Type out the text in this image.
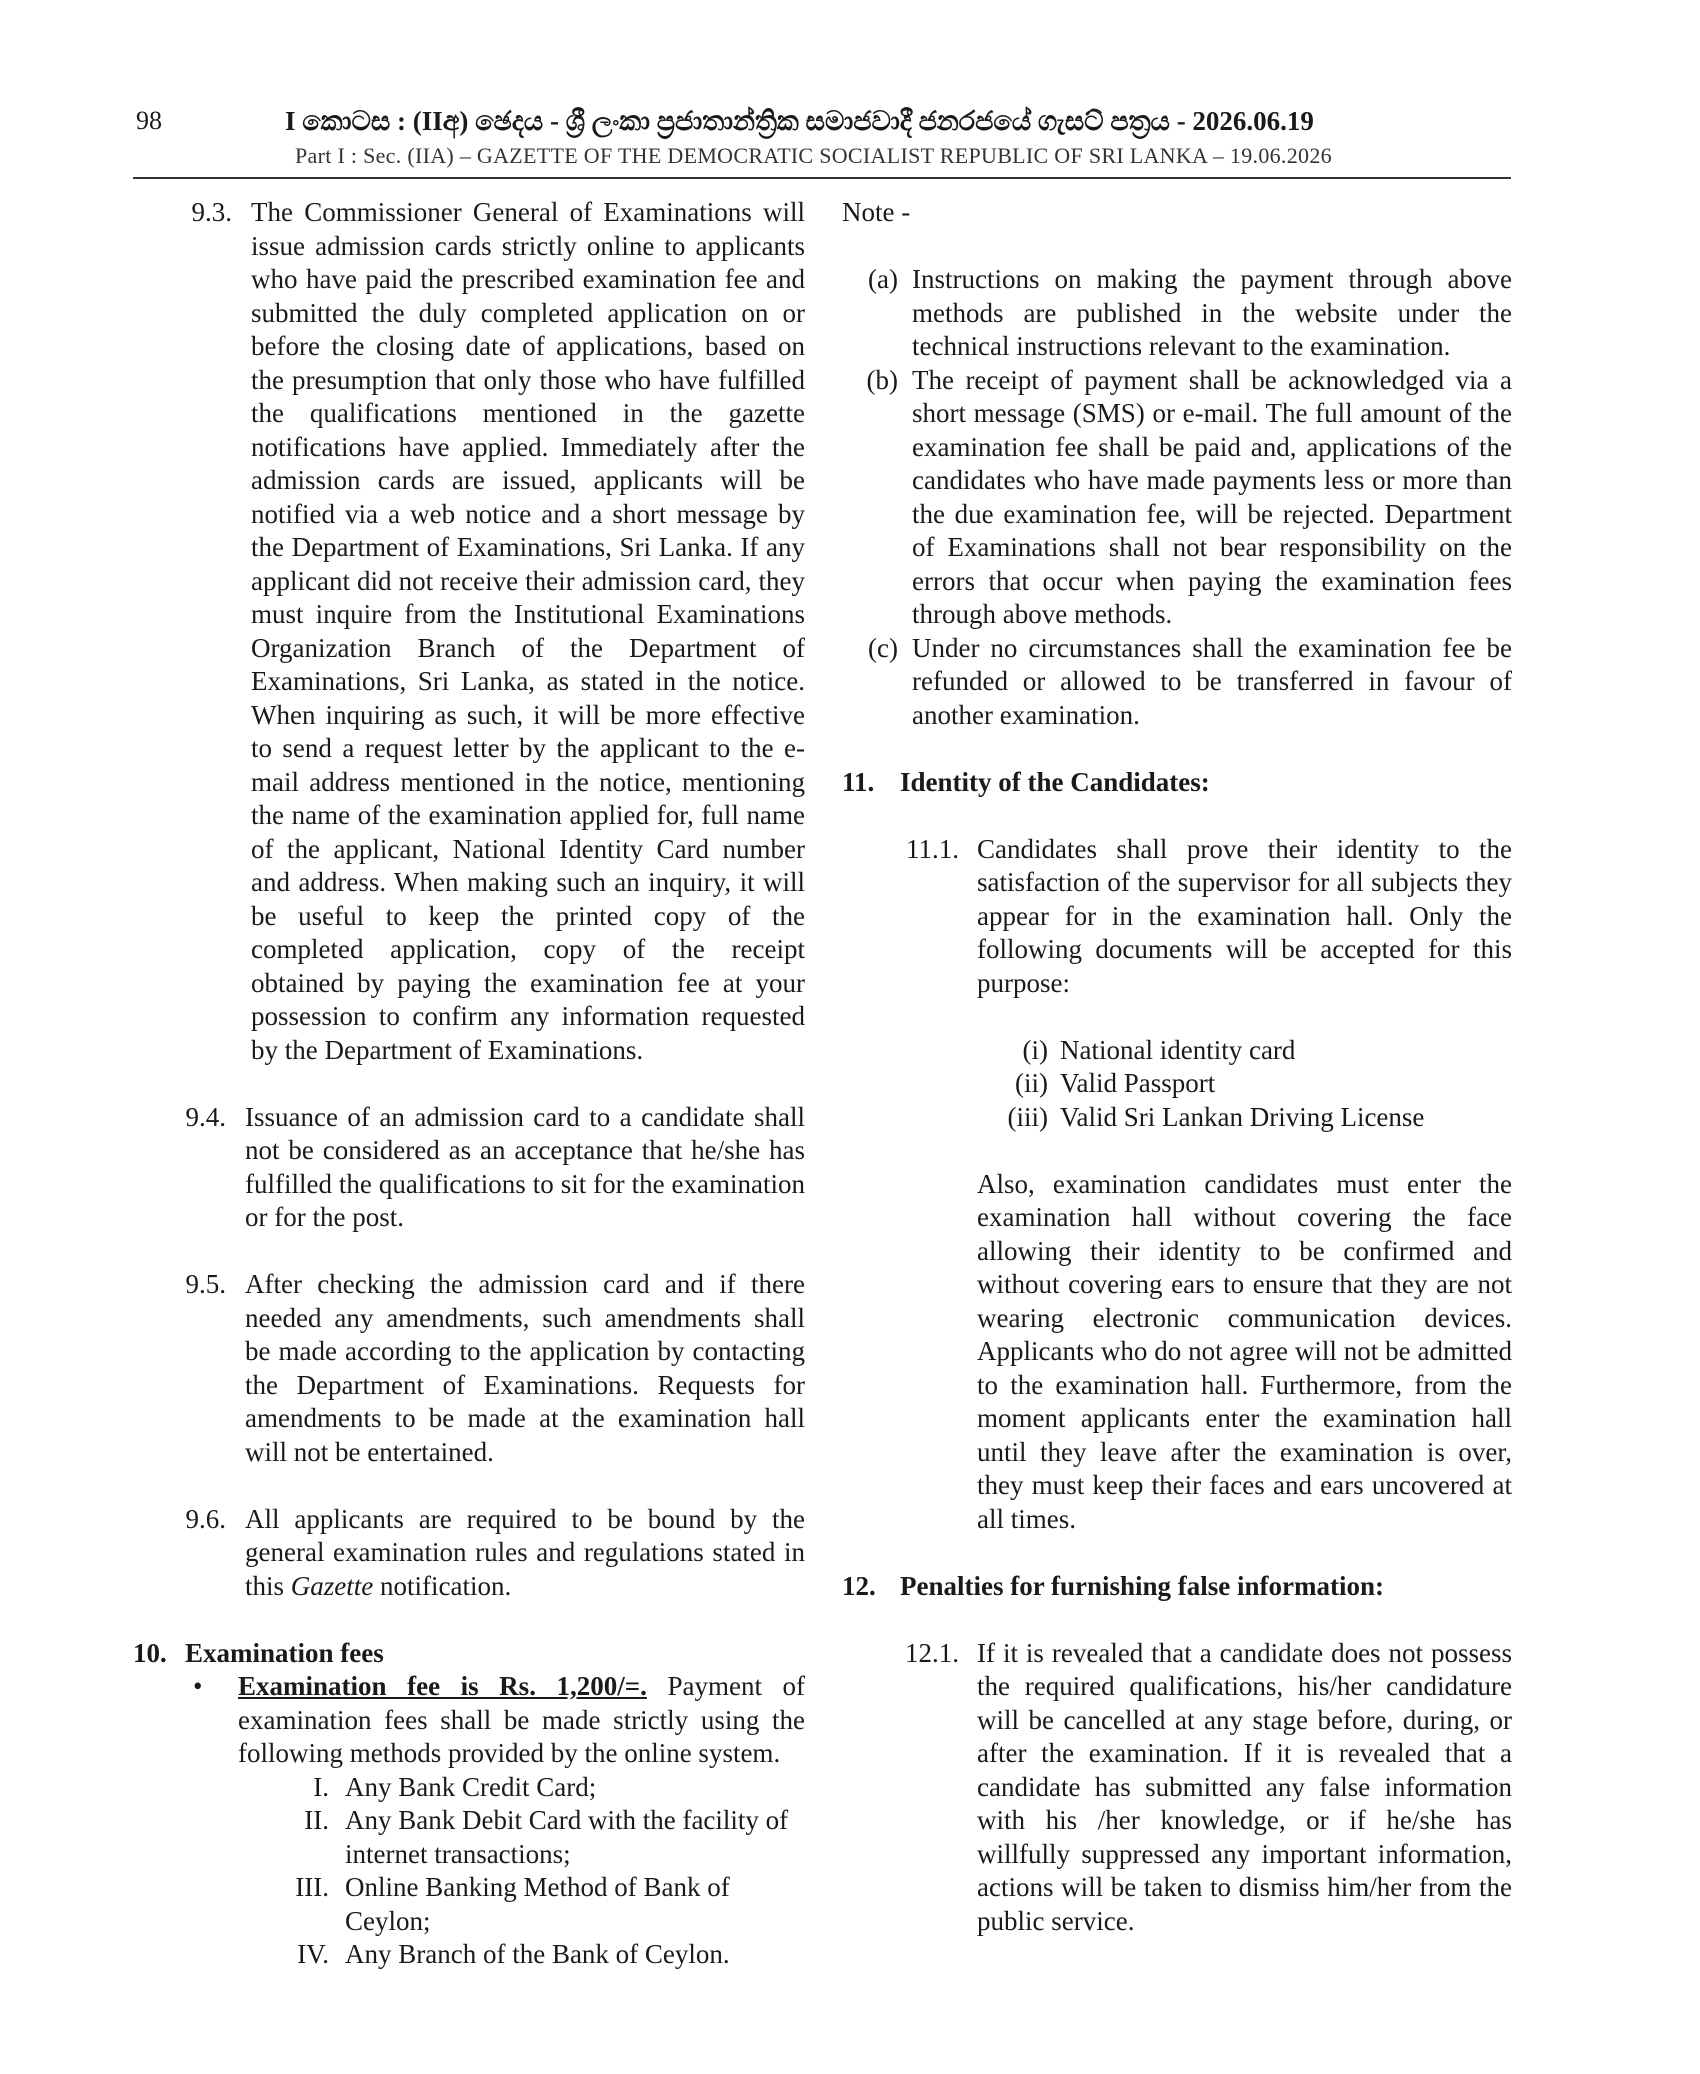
98	I කොටස : (IIඅ) ඡෙදය - ශ්‍රී ලංකා ප්‍රජාතාන්ත්‍රික සමාජවාදී ජනරජයේ ගැසට් පත්‍රය - 2026.06.19
Part I : Sec. (IIA) – GAZETTE OF THE DEMOCRATIC SOCIALIST REPUBLIC OF SRI LANKA – 19.06.2026
9.3. The Commissioner General of Examinations will issue admission cards strictly online to applicants who have paid the prescribed examination fee and submitted the duly completed application on or before the closing date of applications, based on the presumption that only those who have fulfilled the qualifications mentioned in the gazette notifications have applied. Immediately after the admission cards are issued, applicants will be notified via a web notice and a short message by the Department of Examinations, Sri Lanka. If any applicant did not receive their admission card, they must inquire from the Institutional Examinations Organization Branch of the Department of Examinations, Sri Lanka, as stated in the notice. When inquiring as such, it will be more effective to send a request letter by the applicant to the e-mail address mentioned in the notice, mentioning the name of the examination applied for, full name of the applicant, National Identity Card number and address. When making such an inquiry, it will be useful to keep the printed copy of the completed application, copy of the receipt obtained by paying the examination fee at your possession to confirm any information requested by the Department of Examinations.
9.4. Issuance of an admission card to a candidate shall not be considered as an acceptance that he/she has fulfilled the qualifications to sit for the examination or for the post.
9.5. After checking the admission card and if there needed any amendments, such amendments shall be made according to the application by contacting the Department of Examinations. Requests for amendments to be made at the examination hall will not be entertained.
9.6. All applicants are required to be bound by the general examination rules and regulations stated in this Gazette notification.
10. Examination fees
•	Examination fee is Rs. 1,200/=. Payment of examination fees shall be made strictly using the following methods provided by the online system.
I. Any Bank Credit Card;
II. Any Bank Debit Card with the facility of internet transactions;
III. Online Banking Method of Bank of Ceylon;
IV. Any Branch of the Bank of Ceylon.
Note -
(a) Instructions on making the payment through above methods are published in the website under the technical instructions relevant to the examination.
(b) The receipt of payment shall be acknowledged via a short message (SMS) or e-mail. The full amount of the examination fee shall be paid and, applications of the candidates who have made payments less or more than the due examination fee, will be rejected. Department of Examinations shall not bear responsibility on the errors that occur when paying the examination fees through above methods.
(c) Under no circumstances shall the examination fee be refunded or allowed to be transferred in favour of another examination.
11. Identity of the Candidates:
11.1. Candidates shall prove their identity to the satisfaction of the supervisor for all subjects they appear for in the examination hall. Only the following documents will be accepted for this purpose:
(i) National identity card
(ii) Valid Passport
(iii) Valid Sri Lankan Driving License
Also, examination candidates must enter the examination hall without covering the face allowing their identity to be confirmed and without covering ears to ensure that they are not wearing electronic communication devices. Applicants who do not agree will not be admitted to the examination hall. Furthermore, from the moment applicants enter the examination hall until they leave after the examination is over, they must keep their faces and ears uncovered at all times.
12. Penalties for furnishing false information:
12.1. If it is revealed that a candidate does not possess the required qualifications, his/her candidature will be cancelled at any stage before, during, or after the examination. If it is revealed that a candidate has submitted any false information with his /her knowledge, or if he/she has willfully suppressed any important information, actions will be taken to dismiss him/her from the public service.
